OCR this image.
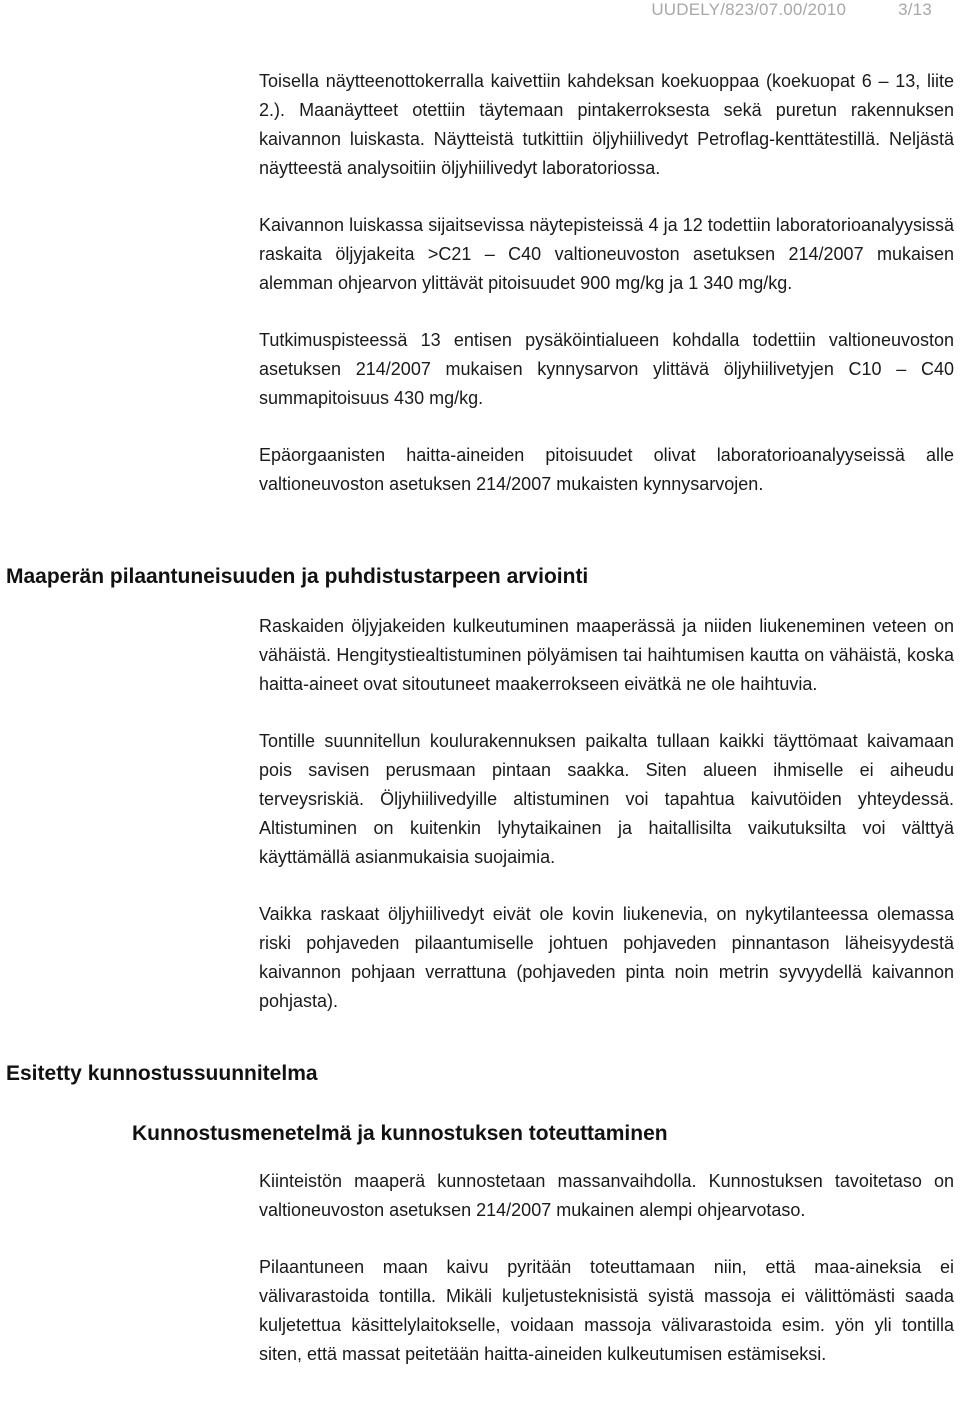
UUDELY/823/07.00/2010	3/13

Toisella näytteenottokerralla kaivettiin kahdeksan koekuoppaa (koekuopat 6 – 13, liite 2.). Maanäytteet otettiin täytemaan pintakerroksesta sekä puretun rakennuksen kaivannon luiskasta. Näytteistä tutkittiin öljyhiilivedyt Petroflag-kenttätestillä. Neljästä näytteestä analysoitiin öljyhiilivedyt laboratoriossa.

Kaivannon luiskassa sijaitsevissa näytepisteissä 4 ja 12 todettiin laboratorioanalyysissä raskaita öljyjakeita >C21 – C40 valtioneuvoston asetuksen 214/2007 mukaisen alemman ohjearvon ylittävät pitoisuudet 900 mg/kg ja 1 340 mg/kg.

Tutkimuspisteessä 13 entisen pysäköintialueen kohdalla todettiin valtioneuvoston asetuksen 214/2007 mukaisen kynnysarvon ylittävä öljyhiilivetyjen C10 – C40 summapitoisuus 430 mg/kg.

Epäorgaanisten haitta-aineiden pitoisuudet olivat laboratorioanalyyseissä alle valtioneuvoston asetuksen 214/2007 mukaisten kynnysarvojen.

Maaperän pilaantuneisuuden ja puhdistustarpeen arviointi

Raskaiden öljyjakeiden kulkeutuminen maaperässä ja niiden liukeneminen veteen on vähäistä. Hengitystiealtistuminen pölyämisen tai haihtumisen kautta on vähäistä, koska haitta-aineet ovat sitoutuneet maakerrokseen eivätkä ne ole haihtuvia.

Tontille suunnitellun koulurakennuksen paikalta tullaan kaikki täyttömaat kaivamaan pois savisen perusmaan pintaan saakka. Siten alueen ihmiselle ei aiheudu terveysriskiä. Öljyhiilivedyille altistuminen voi tapahtua kaivutöiden yhteydessä. Altistuminen on kuitenkin lyhytaikainen ja haitallisilta vaikutuksilta voi välttyä käyttämällä asianmukaisia suojaimia.

Vaikka raskaat öljyhiilivedyt eivät ole kovin liukenevia, on nykytilanteessa olemassa riski pohjaveden pilaantumiselle johtuen pohjaveden pinnantason läheisyydestä kaivannon pohjaan verrattuna (pohjaveden pinta noin metrin syvyydellä kaivannon pohjasta).

Esitetty kunnostussuunnitelma
Kunnostusmenetelmä ja kunnostuksen toteuttaminen

Kiinteistön maaperä kunnostetaan massanvaihdolla. Kunnostuksen tavoitetaso on valtioneuvoston asetuksen 214/2007 mukainen alempi ohjearvotaso.

Pilaantuneen maan kaivu pyritään toteuttamaan niin, että maa-aineksia ei välivarastoida tontilla. Mikäli kuljetusteknisistä syistä massoja ei välittömästi saada kuljetettua käsittelylaitokselle, voidaan massoja välivarastoida esim. yön yli tontilla siten, että massat peitetään haitta-aineiden kulkeutumisen estämiseksi.
